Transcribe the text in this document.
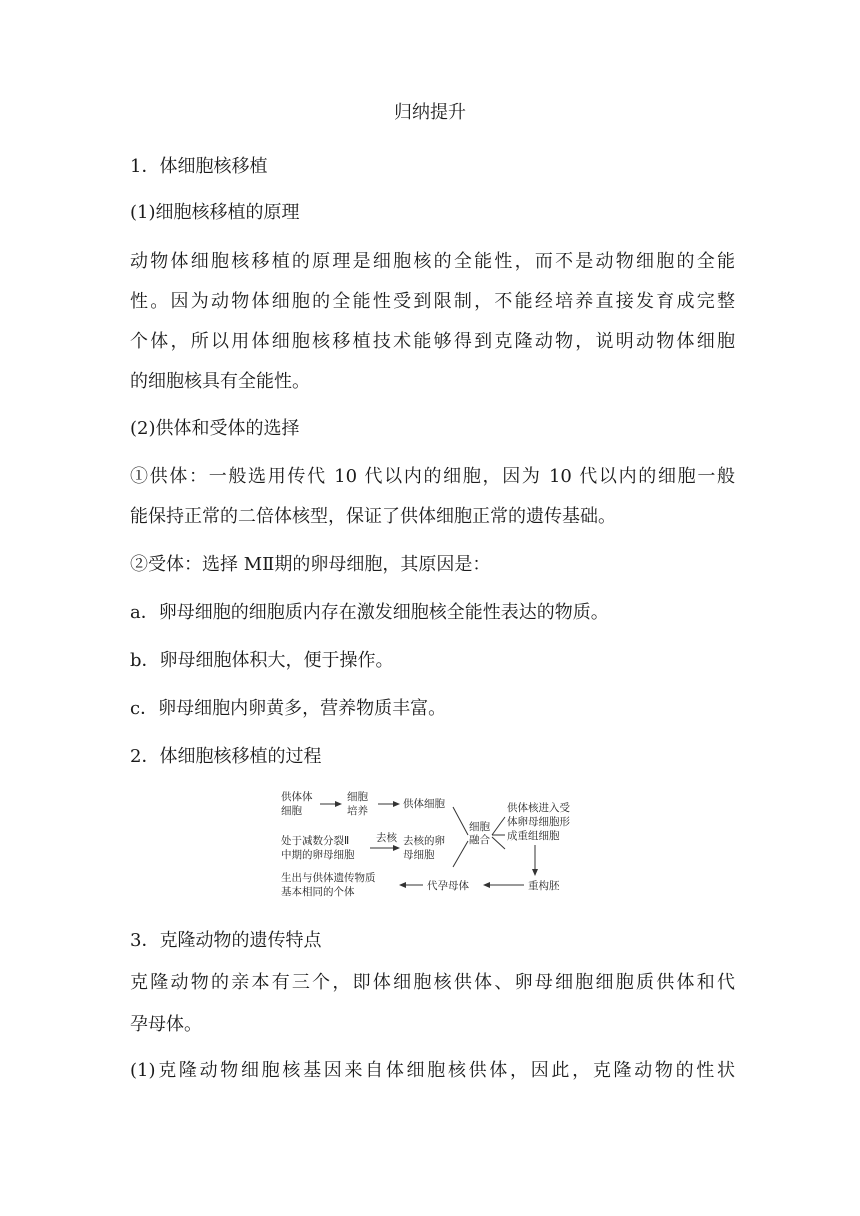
归纳提升
1．体细胞核移植
(1)细胞核移植的原理
动物体细胞核移植的原理是细胞核的全能性，而不是动物细胞的全能
性。因为动物体细胞的全能性受到限制，不能经培养直接发育成完整
个体，所以用体细胞核移植技术能够得到克隆动物，说明动物体细胞
的细胞核具有全能性。
(2)供体和受体的选择
①供体：一般选用传代 10 代以内的细胞，因为 10 代以内的细胞一般
能保持正常的二倍体核型，保证了供体细胞正常的遗传基础。
②受体：选择 MⅡ期的卵母细胞，其原因是：
a．卵母细胞的细胞质内存在激发细胞核全能性表达的物质。
b．卵母细胞体积大，便于操作。
c．卵母细胞内卵黄多，营养物质丰富。
2．体细胞核移植的过程
供体体
细胞
细胞
培养
供体细胞
细胞
融合
供体核进入受
体卵母细胞形
成重组细胞
处于减数分裂Ⅱ
中期的卵母细胞
去核 去核的卵
母细胞
生出与供体遗传物质
基本相同的个体	重构胚
代孕母体
3．克隆动物的遗传特点
克隆动物的亲本有三个，即体细胞核供体、卵母细胞细胞质供体和代
孕母体。
(1)克隆动物细胞核基因来自体细胞核供体，因此，克隆动物的性状
